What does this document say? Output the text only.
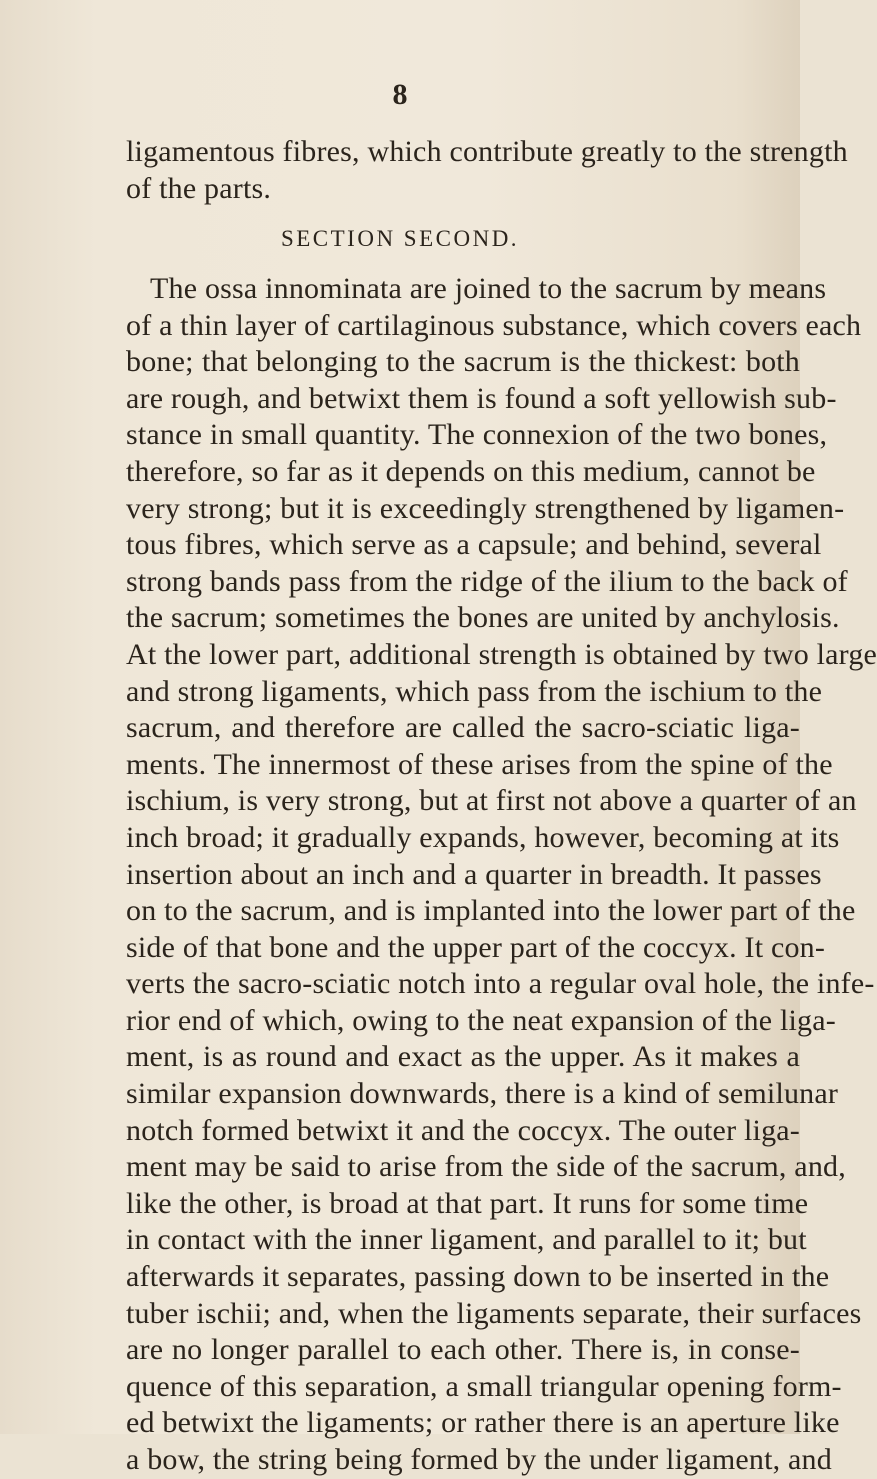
8
ligamentous fibres, which contribute greatly to the strength
of the parts.
SECTION SECOND.
The ossa innominata are joined to the sacrum by means
of a thin layer of cartilaginous substance, which covers each
bone; that belonging to the sacrum is the thickest: both
are rough, and betwixt them is found a soft yellowish sub-
stance in small quantity. The connexion of the two bones,
therefore, so far as it depends on this medium, cannot be
very strong; but it is exceedingly strengthened by ligamen-
tous fibres, which serve as a capsule; and behind, several
strong bands pass from the ridge of the ilium to the back of
the sacrum; sometimes the bones are united by anchylosis.
At the lower part, additional strength is obtained by two large
and strong ligaments, which pass from the ischium to the
sacrum, and therefore are called the sacro-sciatic liga-
ments. The innermost of these arises from the spine of the
ischium, is very strong, but at first not above a quarter of an
inch broad; it gradually expands, however, becoming at its
insertion about an inch and a quarter in breadth. It passes
on to the sacrum, and is implanted into the lower part of the
side of that bone and the upper part of the coccyx. It con-
verts the sacro-sciatic notch into a regular oval hole, the infe-
rior end of which, owing to the neat expansion of the liga-
ment, is as round and exact as the upper. As it makes a
similar expansion downwards, there is a kind of semilunar
notch formed betwixt it and the coccyx. The outer liga-
ment may be said to arise from the side of the sacrum, and,
like the other, is broad at that part. It runs for some time
in contact with the inner ligament, and parallel to it; but
afterwards it separates, passing down to be inserted in the
tuber ischii; and, when the ligaments separate, their surfaces
are no longer parallel to each other. There is, in conse-
quence of this separation, a small triangular opening form-
ed betwixt the ligaments; or rather there is an aperture like
a bow, the string being formed by the under ligament, and
